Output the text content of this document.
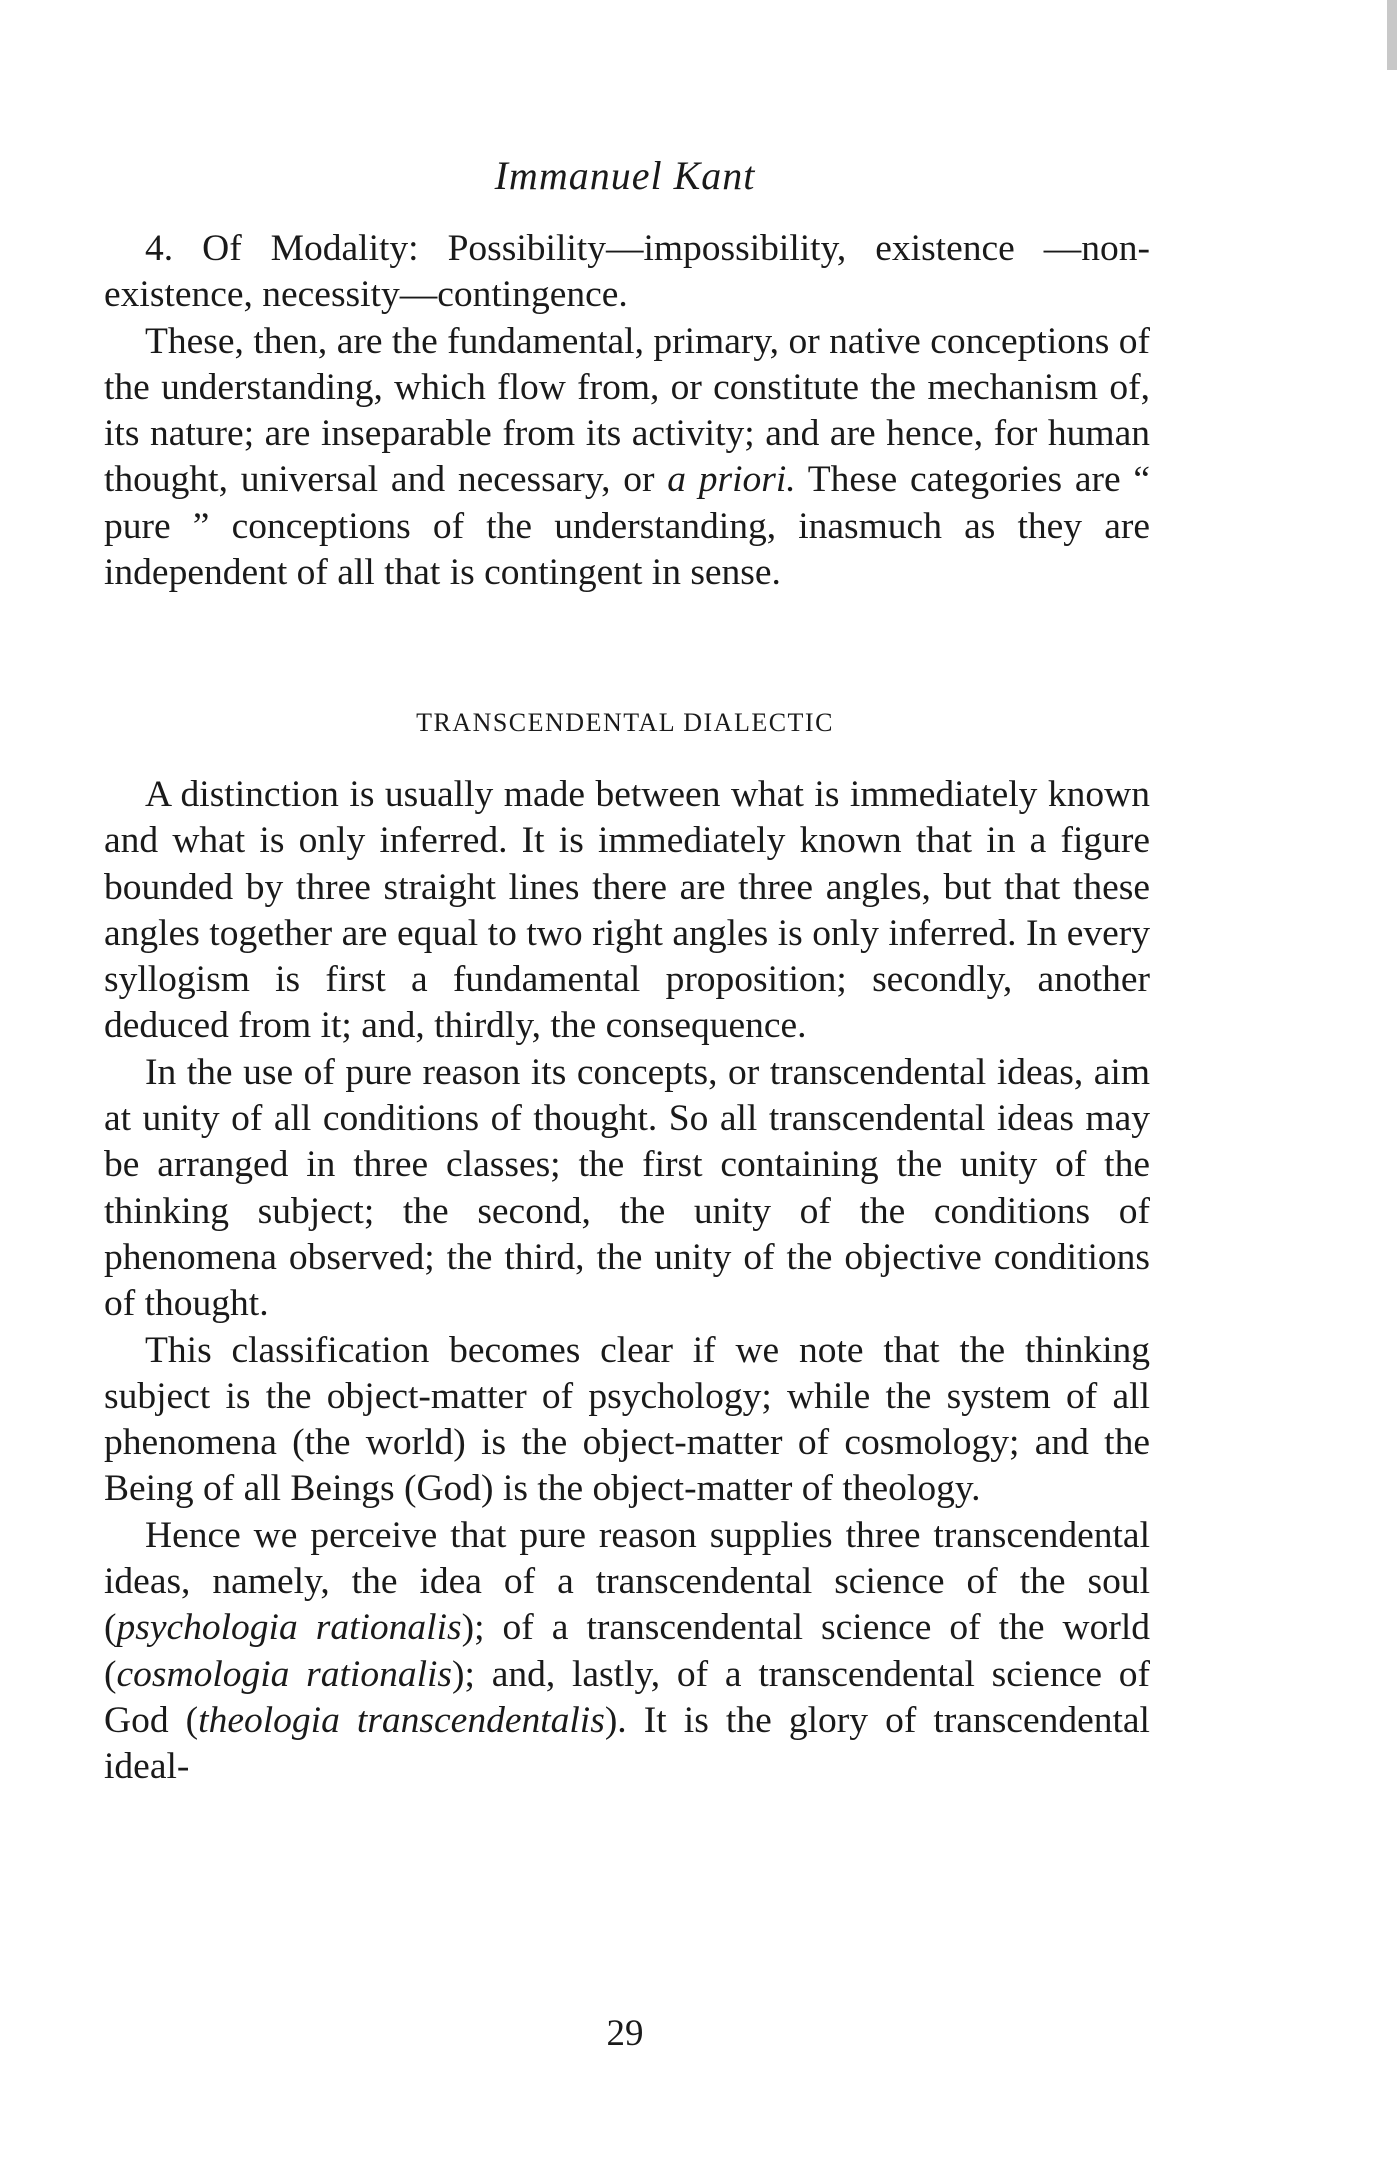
Immanuel Kant

4. Of Modality: Possibility—impossibility, existence —non-existence, necessity—contingence.

These, then, are the fundamental, primary, or native conceptions of the understanding, which flow from, or constitute the mechanism of, its nature; are inseparable from its activity; and are hence, for human thought, universal and necessary, or a priori. These categories are “ pure ” conceptions of the understanding, inasmuch as they are independent of all that is contingent in sense.

TRANSCENDENTAL DIALECTIC

A distinction is usually made between what is immediately known and what is only inferred. It is immediately known that in a figure bounded by three straight lines there are three angles, but that these angles together are equal to two right angles is only inferred. In every syllogism is first a fundamental proposition; secondly, another deduced from it; and, thirdly, the consequence.

In the use of pure reason its concepts, or transcendental ideas, aim at unity of all conditions of thought. So all transcendental ideas may be arranged in three classes; the first containing the unity of the thinking subject; the second, the unity of the conditions of phenomena observed; the third, the unity of the objective conditions of thought.

This classification becomes clear if we note that the thinking subject is the object-matter of psychology; while the system of all phenomena (the world) is the object-matter of cosmology; and the Being of all Beings (God) is the object-matter of theology.

Hence we perceive that pure reason supplies three transcendental ideas, namely, the idea of a transcendental science of the soul (psychologia rationalis); of a transcendental science of the world (cosmologia rationalis); and, lastly, of a transcendental science of God (theologia transcendentalis). It is the glory of transcendental ideal-

29
